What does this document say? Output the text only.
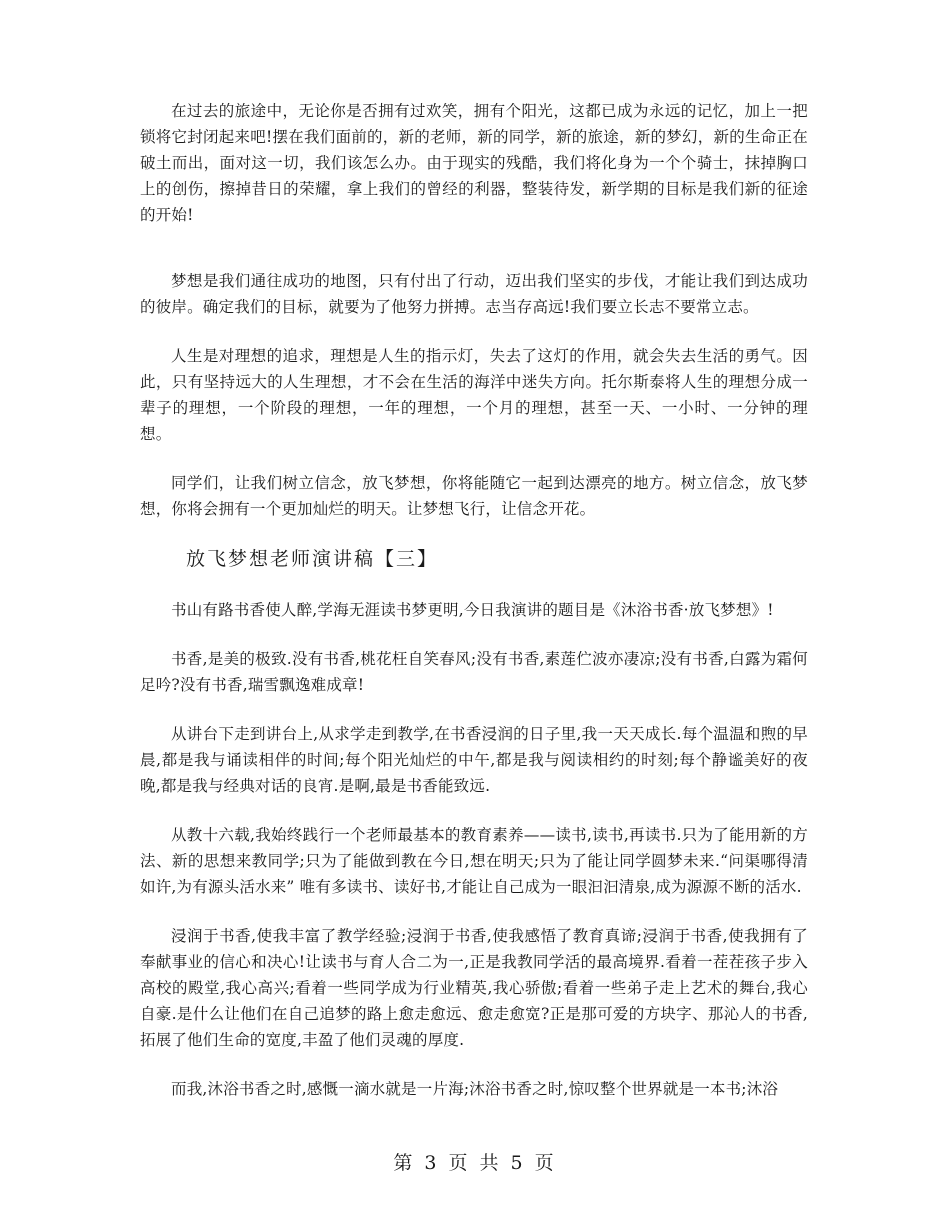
在过去的旅途中，无论你是否拥有过欢笑，拥有个阳光，这都已成为永远的记忆，加上一把锁将它封闭起来吧!摆在我们面前的，新的老师，新的同学，新的旅途，新的梦幻，新的生命正在破土而出，面对这一切，我们该怎么办。由于现实的残酷，我们将化身为一个个骑士，抹掉胸口上的创伤，擦掉昔日的荣耀，拿上我们的曾经的利器，整装待发，新学期的目标是我们新的征途的开始!

梦想是我们通往成功的地图，只有付出了行动，迈出我们坚实的步伐，才能让我们到达成功的彼岸。确定我们的目标，就要为了他努力拼搏。志当存高远!我们要立长志不要常立志。

人生是对理想的追求，理想是人生的指示灯，失去了这灯的作用，就会失去生活的勇气。因此，只有坚持远大的人生理想，才不会在生活的海洋中迷失方向。托尔斯泰将人生的理想分成一辈子的理想，一个阶段的理想，一年的理想，一个月的理想，甚至一天、一小时、一分钟的理想。

同学们，让我们树立信念，放飞梦想，你将能随它一起到达漂亮的地方。树立信念，放飞梦想，你将会拥有一个更加灿烂的明天。让梦想飞行，让信念开花。

放飞梦想老师演讲稿【三】

书山有路书香使人醉,学海无涯读书梦更明,今日我演讲的题目是《沐浴书香·放飞梦想》!

书香,是美的极致.没有书香,桃花枉自笑春风;没有书香,素莲伫波亦凄凉;没有书香,白露为霜何足吟?没有书香,瑞雪飘逸难成章!

从讲台下走到讲台上,从求学走到教学,在书香浸润的日子里,我一天天成长.每个温温和煦的早晨,都是我与诵读相伴的时间;每个阳光灿烂的中午,都是我与阅读相约的时刻;每个静谧美好的夜晚,都是我与经典对话的良宵.是啊,最是书香能致远.

从教十六载,我始终践行一个老师最基本的教育素养——读书,读书,再读书.只为了能用新的方法、新的思想来教同学;只为了能做到教在今日,想在明天;只为了能让同学圆梦未来.“问渠哪得清如许,为有源头活水来” 唯有多读书、读好书,才能让自己成为一眼汩汩清泉,成为源源不断的活水.

浸润于书香,使我丰富了教学经验;浸润于书香,使我感悟了教育真谛;浸润于书香,使我拥有了奉献事业的信心和决心!让读书与育人合二为一,正是我教同学活的最高境界.看着一茬茬孩子步入高校的殿堂,我心高兴;看着一些同学成为行业精英,我心骄傲;看着一些弟子走上艺术的舞台,我心自豪.是什么让他们在自己追梦的路上愈走愈远、愈走愈宽?正是那可爱的方块字、那沁人的书香,拓展了他们生命的宽度,丰盈了他们灵魂的厚度.

而我,沐浴书香之时,感慨一滴水就是一片海;沐浴书香之时,惊叹整个世界就是一本书;沐浴

第 3 页 共 5 页
